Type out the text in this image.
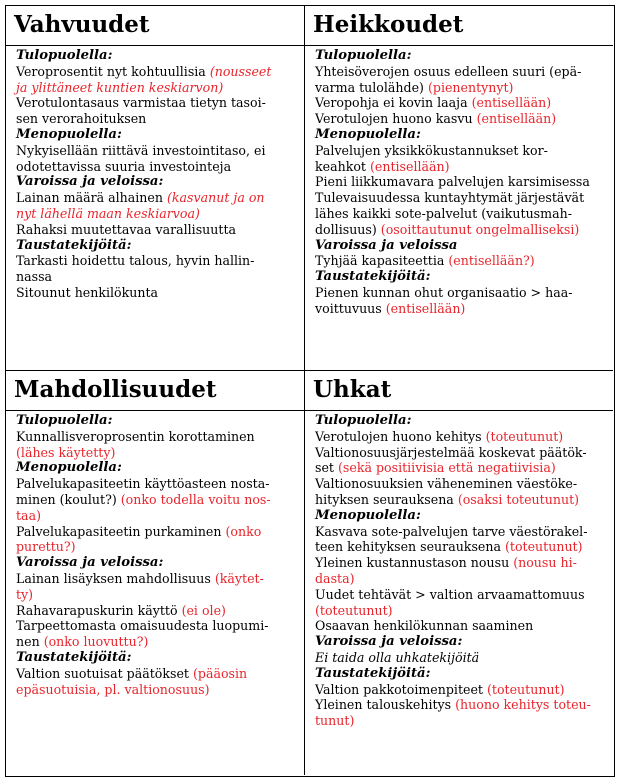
Vahvuudet
Tulopuolella:
Veroprosentit nyt kohtuullisia (nousseet
ja ylittäneet kuntien keskiarvon)
Verotulontasaus varmistaa tietyn tasoi-
sen verorahoituksen
Menopuolella:
Nykyisellään riittävä investointitaso, ei
odotettavissa suuria investointeja
Varoissa ja veloissa:
Lainan määrä alhainen (kasvanut ja on
nyt lähellä maan keskiarvoa)
Rahaksi muutettavaa varallisuutta
Taustatekijöitä:
Tarkasti hoidettu talous, hyvin hallin-
nassa
Sitounut henkilökunta
Heikkoudet
Tulopuolella:
Yhteisöverojen osuus edelleen suuri (epä-
varma tulolähde) (pienentynyt)
Veropohja ei kovin laaja (entisellään)
Verotulojen huono kasvu (entisellään)
Menopuolella:
Palvelujen yksikkökustannukset kor-
keahkot (entisellään)
Pieni liikkumavara palvelujen karsimisessa
Tulevaisuudessa kuntayhtymät järjestävät
lähes kaikki sote-palvelut (vaikutusmah-
dollisuus) (osoittautunut ongelmalliseksi)
Varoissa ja veloissa
Tyhjää kapasiteettia (entisellään?)
Taustatekijöitä:
Pienen kunnan ohut organisaatio > haa-
voittuvuus (entisellään)
Mahdollisuudet
Tulopuolella:
Kunnallisveroprosentin korottaminen
(lähes käytetty)
Menopuolella:
Palvelukapasiteetin käyttöasteen nosta-
minen (koulut?) (onko todella voitu nos-
taa)
Palvelukapasiteetin purkaminen (onko
purettu?)
Varoissa ja veloissa:
Lainan lisäyksen mahdollisuus (käytet-
ty)
Rahavarapuskurin käyttö (ei ole)
Tarpeettomasta omaisuudesta luopumi-
nen (onko luovuttu?)
Taustatekijöitä:
Valtion suotuisat päätökset (pääosin
epäsuotuisia, pl. valtionosuus)
Uhkat
Tulopuolella:
Verotulojen huono kehitys (toteutunut)
Valtionosuusjärjestelmää koskevat päätök-
set (sekä positiivisia että negatiivisia)
Valtionosuuksien väheneminen väestöke-
hityksen seurauksena (osaksi toteutunut)
Menopuolella:
Kasvava sote-palvelujen tarve väestörakel-
teen kehityksen seurauksena (toteutunut)
Yleinen kustannustason nousu (nousu hi-
dasta)
Uudet tehtävät > valtion arvaamattomuus
(toteutunut)
Osaavan henkilökunnan saaminen
Varoissa ja veloissa:
Ei taida olla uhkatekijöitä
Taustatekijöitä:
Valtion pakkotoimenpiteet (toteutunut)
Yleinen talouskehitys (huono kehitys toteu-
tunut)
